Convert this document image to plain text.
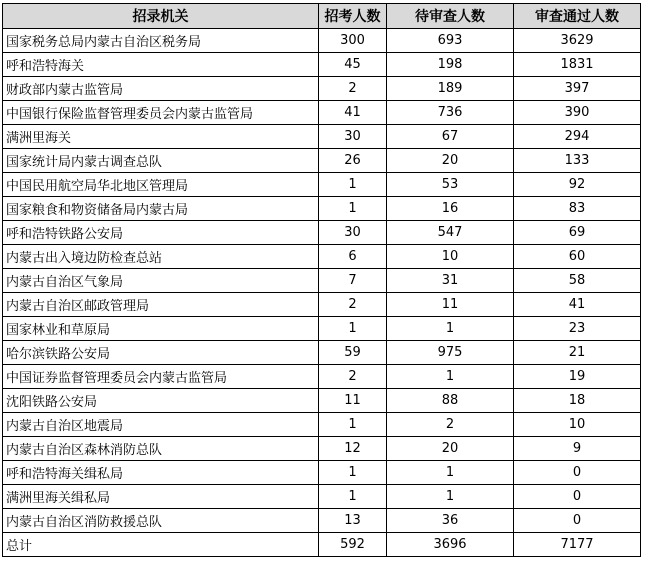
招录机关	招考人数	待审查人数	审查通过人数
国家税务总局内蒙古自治区税务局	300	693	3629
呼和浩特海关	45	198	1831
财政部内蒙古监管局	2	189	397
中国银行保险监督管理委员会内蒙古监管局	41	736	390
满洲里海关	30	67	294
国家统计局内蒙古调查总队	26	20	133
中国民用航空局华北地区管理局	1	53	92
国家粮食和物资储备局内蒙古局	1	16	83
呼和浩特铁路公安局	30	547	69
内蒙古出入境边防检查总站	6	10	60
内蒙古自治区气象局	7	31	58
内蒙古自治区邮政管理局	2	11	41
国家林业和草原局	1	1	23
哈尔滨铁路公安局	59	975	21
中国证券监督管理委员会内蒙古监管局	2	1	19
沈阳铁路公安局	11	88	18
内蒙古自治区地震局	1	2	10
内蒙古自治区森林消防总队	12	20	9
呼和浩特海关缉私局	1	1	0
满洲里海关缉私局	1	1	0
内蒙古自治区消防救援总队	13	36	0
总计	592	3696	7177
